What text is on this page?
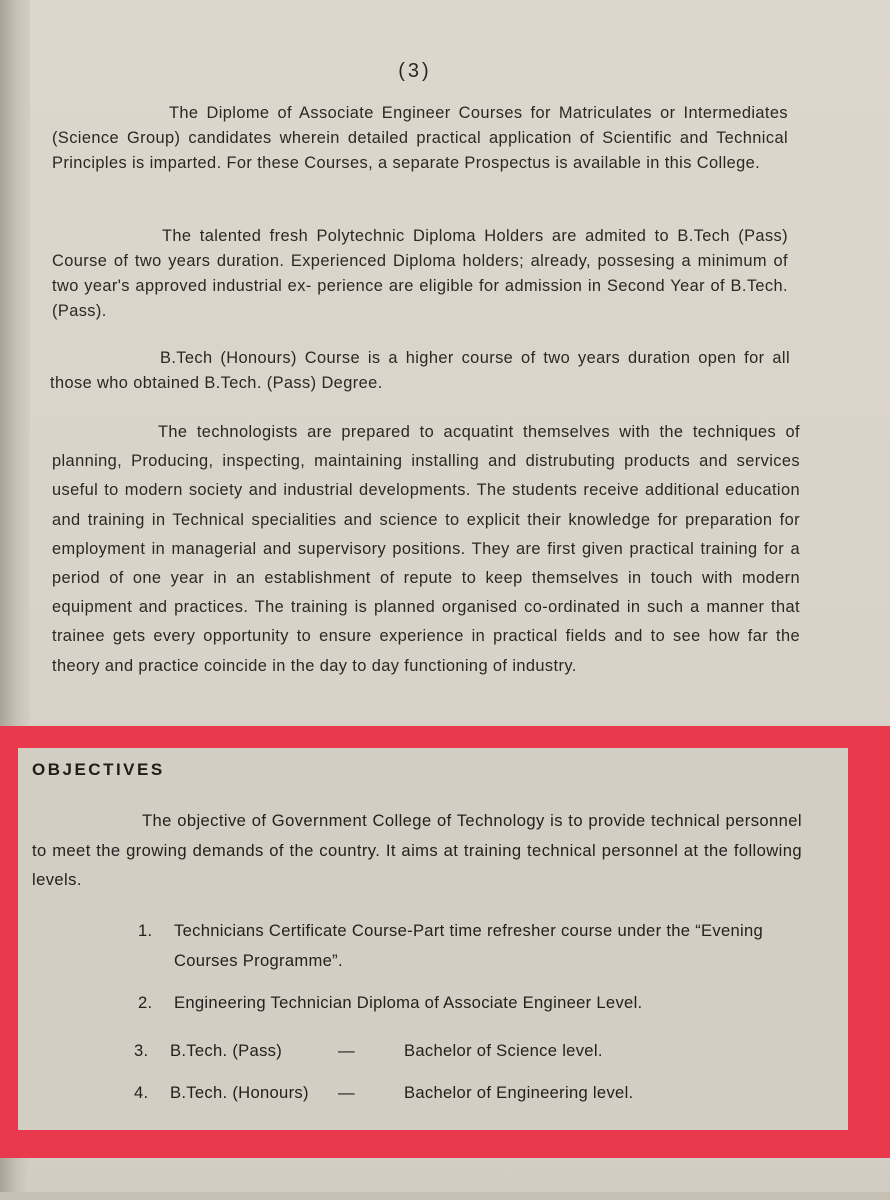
(3)

The Diplome of Associate Engineer Courses for Matriculates or Intermediates (Science Group) candidates wherein detailed practical application of Scientific and Technical Principles is imparted. For these Courses, a separate Prospectus is available in this College.

The talented fresh Polytechnic Diploma Holders are admited to B.Tech (Pass) Course of two years duration. Experienced Diploma holders; already, possesing a minimum of two year's approved industrial ex- perience are eligible for admission in Second Year of B.Tech. (Pass).

B.Tech (Honours) Course is a higher course of two years duration open for all those who obtained B.Tech. (Pass) Degree.

The technologists are prepared to acquatint themselves with the techniques of planning, Producing, inspecting, maintaining installing and distrubuting products and services useful to modern society and industrial developments. The students receive additional education and training in Technical specialities and science to explicit their knowledge for preparation for employment in managerial and supervisory positions. They are first given practical training for a period of one year in an establishment of repute to keep themselves in touch with modern equipment and practices. The training is planned organised co-ordinated in such a manner that trainee gets every opportunity to ensure experience in practical fields and to see how far the theory and practice coincide in the day to day functioning of industry.

OBJECTIVES
The objective of Government College of Technology is to provide technical personnel to meet the growing demands of the country. It aims at training technical personnel at the following levels.
1.	Technicians Certificate Course-Part time refresher course under the “Evening Courses Programme”.
2.	Engineering Technician Diploma of Associate Engineer Level.
3.	B.Tech. (Pass)	—	Bachelor of Science level.
4.	B.Tech. (Honours) —	Bachelor of Engineering level.
